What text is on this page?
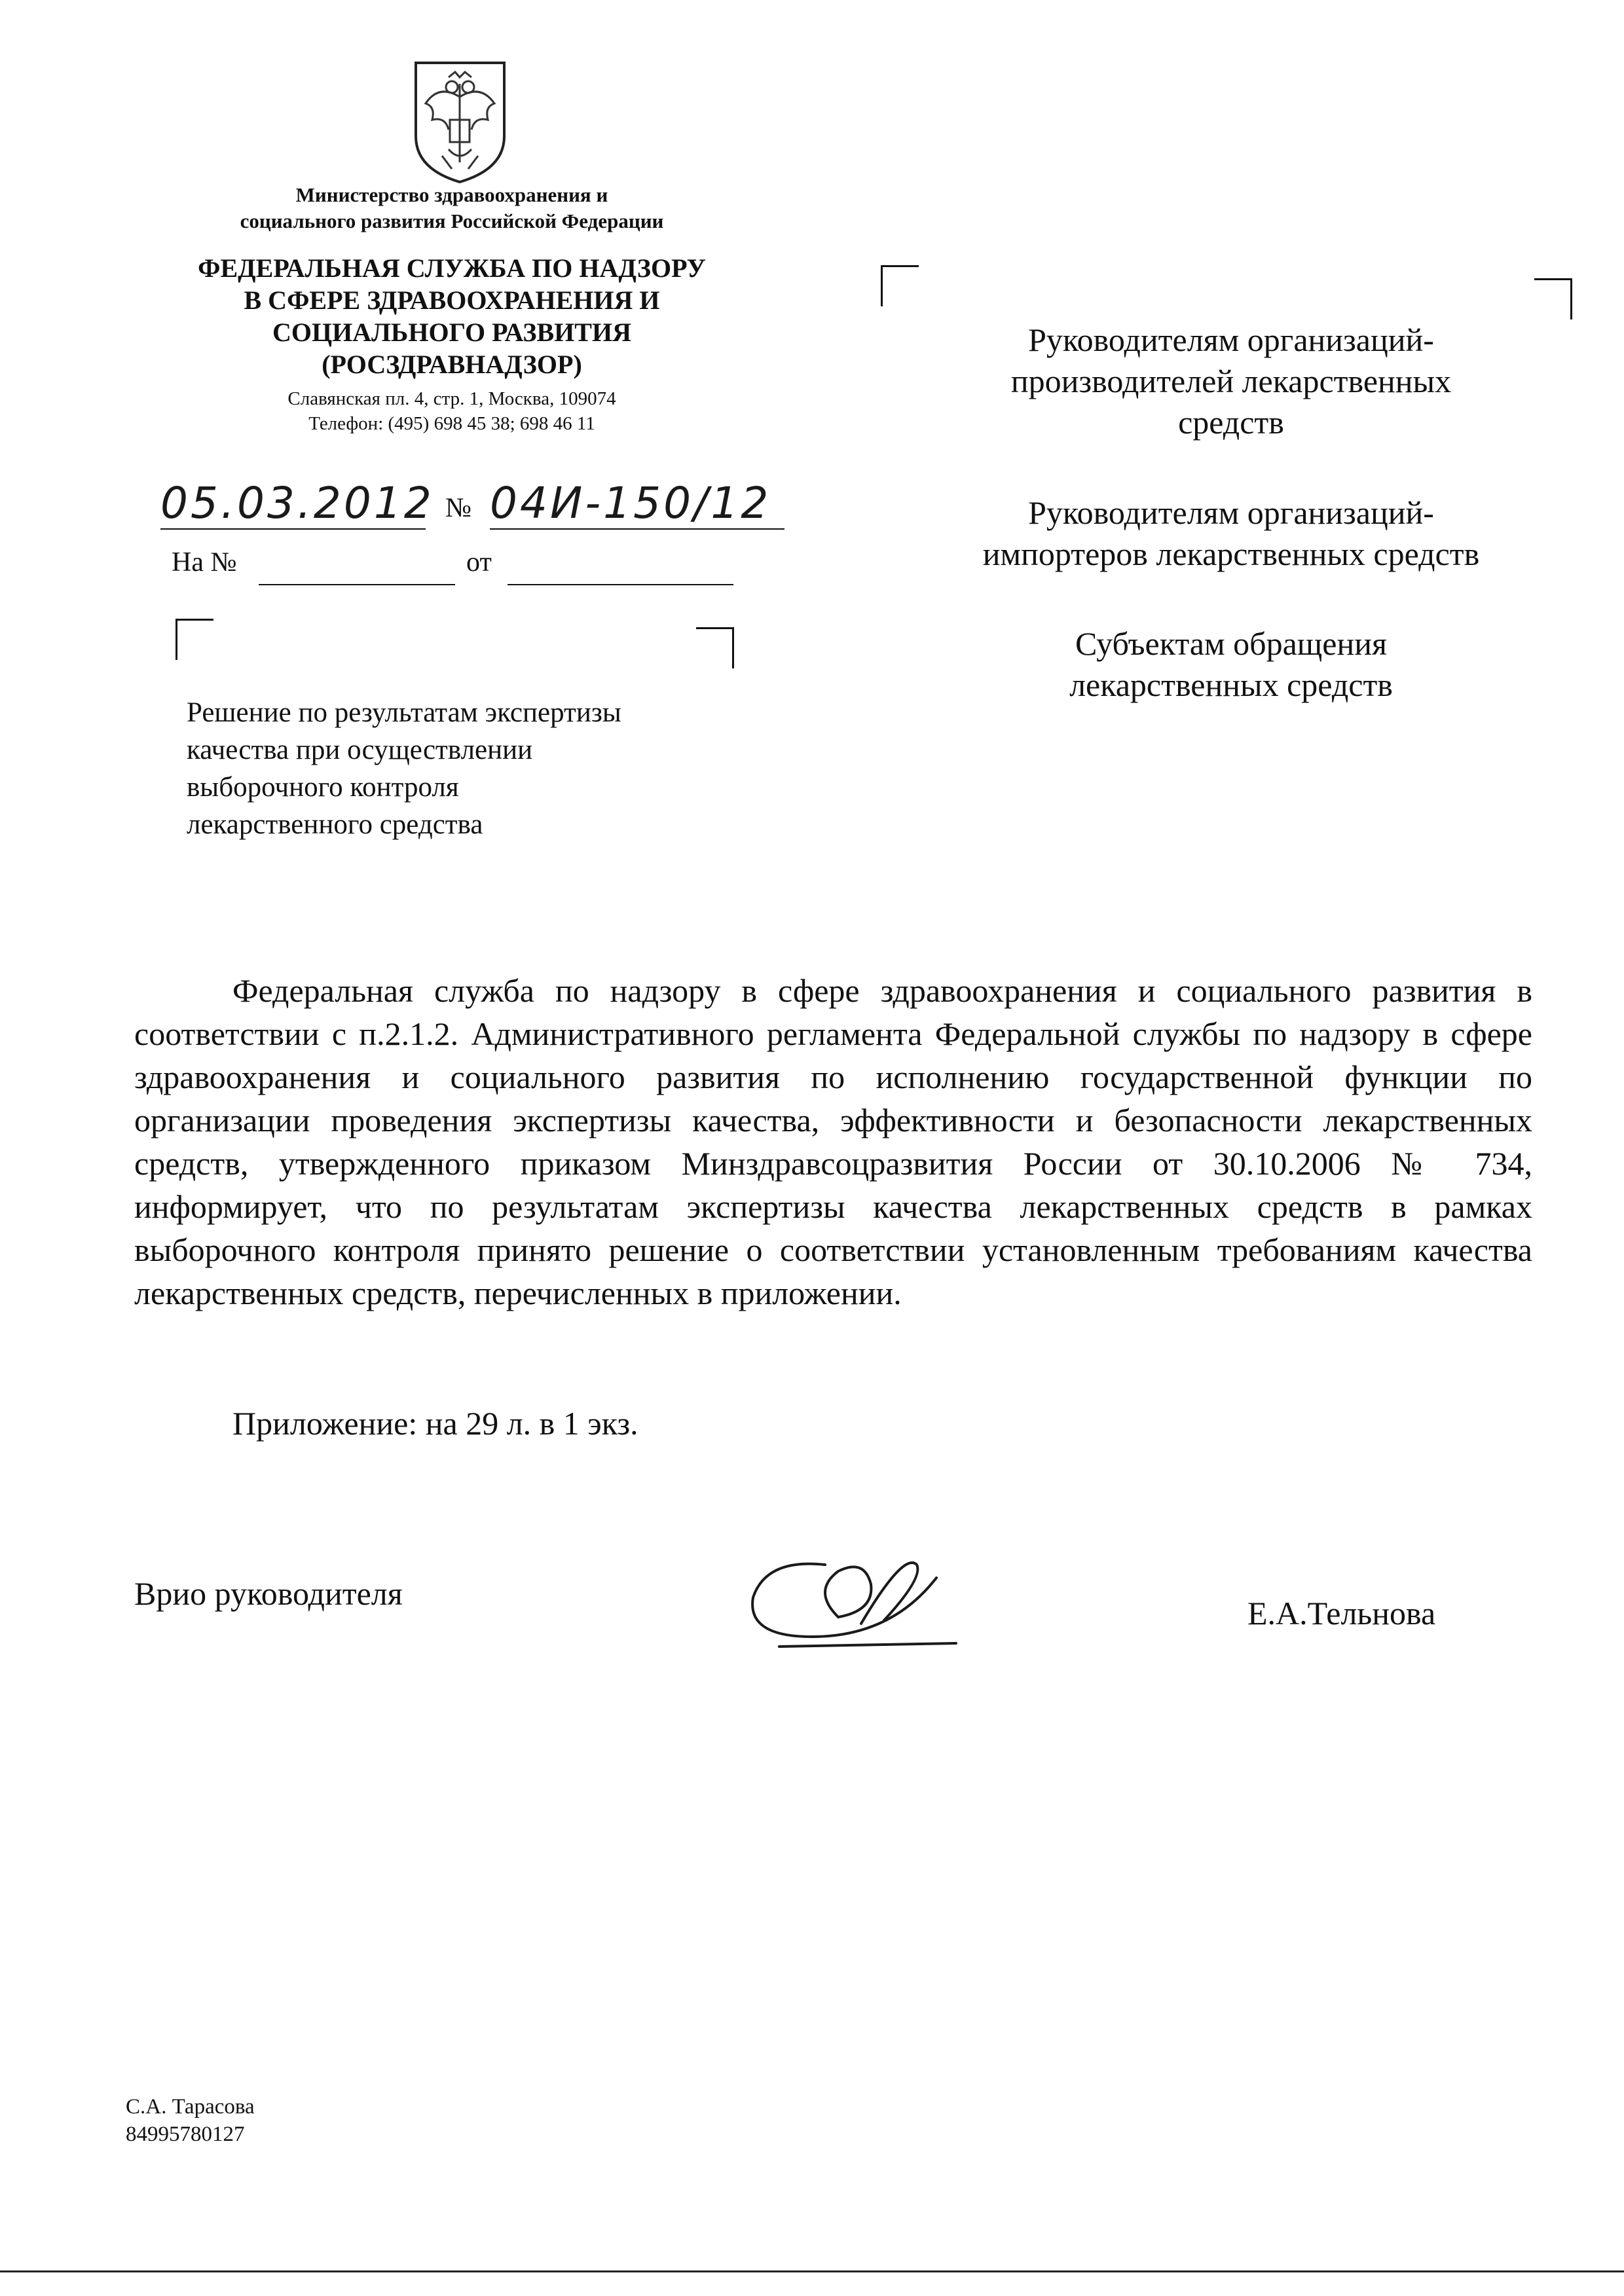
Министерство здравоохранения и
социального развития Российской Федерации
ФЕДЕРАЛЬНАЯ СЛУЖБА ПО НАДЗОРУ
В СФЕРЕ ЗДРАВООХРАНЕНИЯ И
СОЦИАЛЬНОГО РАЗВИТИЯ
(РОСЗДРАВНАДЗОР)
Славянская пл. 4, стр. 1, Москва, 109074
Телефон: (495) 698 45 38; 698 46 11
05.03.2012 № 04И-150/12
На №	от
Решение по результатам экспертизы
качества при осуществлении
выборочного контроля
лекарственного средства
Руководителям организаций-
производителей лекарственных
средств
Руководителям организаций-
импортеров лекарственных средств
Субъектам обращения
лекарственных средств
Федеральная служба по надзору в сфере здравоохранения и социального развития в соответствии с п.2.1.2. Административного регламента Федеральной службы по надзору в сфере здравоохранения и социального развития по исполнению государственной функции по организации проведения экспертизы качества, эффективности и безопасности лекарственных средств, утвержденного приказом Минздравсоцразвития России от 30.10.2006 № 734, информирует, что по результатам экспертизы качества лекарственных средств в рамках выборочного контроля принято решение о соответствии установленным требованиям качества лекарственных средств, перечисленных в приложении.
Приложение: на 29 л. в 1 экз.
Врио руководителя
Е.А.Тельнова
С.А. Тарасова
84995780127
